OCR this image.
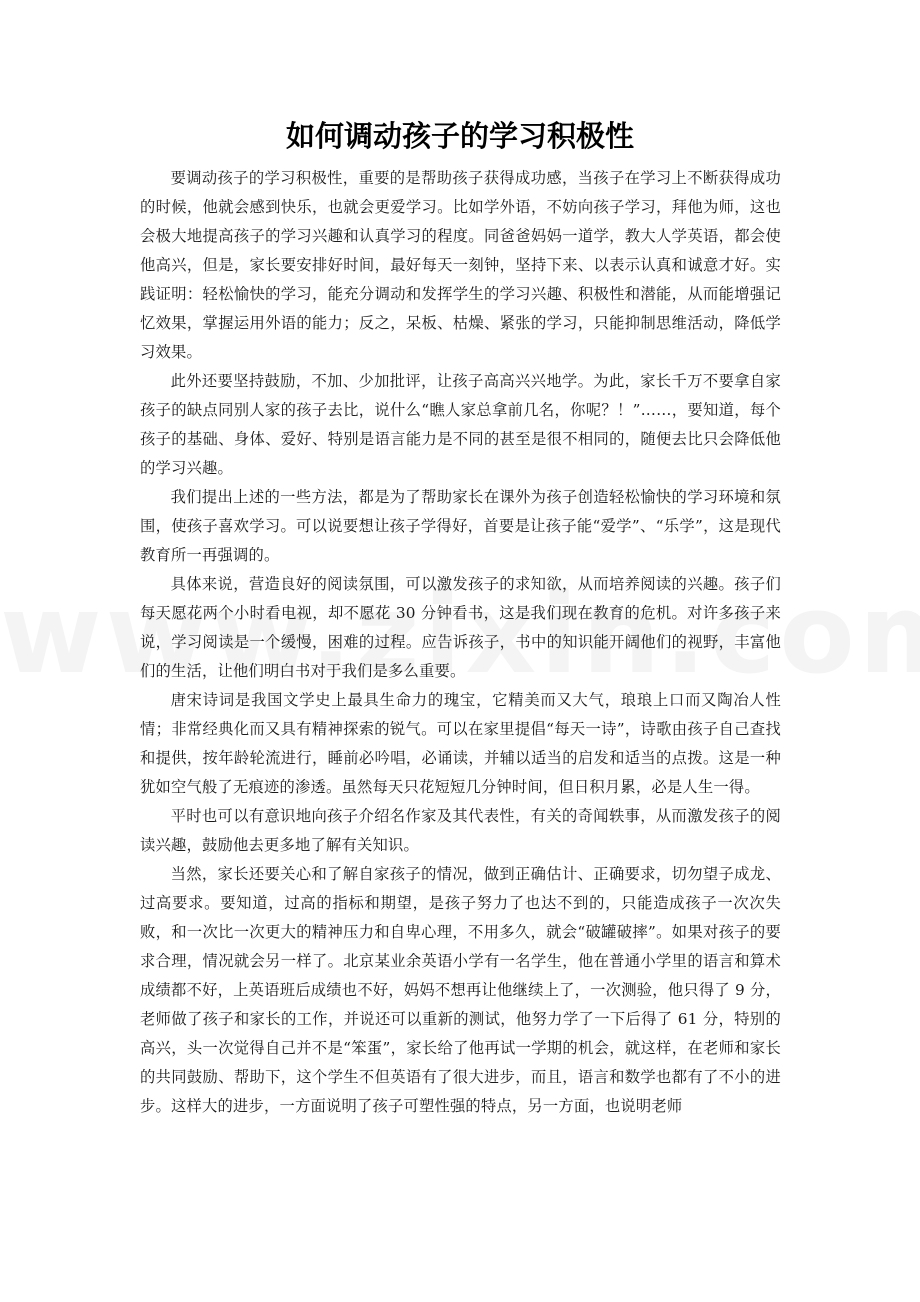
如何调动孩子的学习积极性

要调动孩子的学习积极性，重要的是帮助孩子获得成功感，当孩子在学习上不断获得成功的时候，他就会感到快乐，也就会更爱学习。比如学外语，不妨向孩子学习，拜他为师，这也会极大地提高孩子的学习兴趣和认真学习的程度。同爸爸妈妈一道学，教大人学英语，都会使他高兴，但是，家长要安排好时间，最好每天一刻钟，坚持下来、以表示认真和诚意才好。实践证明：轻松愉快的学习，能充分调动和发挥学生的学习兴趣、积极性和潜能，从而能增强记忆效果，掌握运用外语的能力；反之，呆板、枯燥、紧张的学习，只能抑制思维活动，降低学习效果。

此外还要坚持鼓励，不加、少加批评，让孩子高高兴兴地学。为此，家长千万不要拿自家孩子的缺点同别人家的孩子去比，说什么“瞧人家总拿前几名，你呢？！”……，要知道，每个孩子的基础、身体、爱好、特别是语言能力是不同的甚至是很不相同的，随便去比只会降低他的学习兴趣。

我们提出上述的一些方法，都是为了帮助家长在课外为孩子创造轻松愉快的学习环境和氛围，使孩子喜欢学习。可以说要想让孩子学得好，首要是让孩子能“爱学”、“乐学”，这是现代教育所一再强调的。

具体来说，营造良好的阅读氛围，可以激发孩子的求知欲，从而培养阅读的兴趣。孩子们每天愿花两个小时看电视，却不愿花 30 分钟看书，这是我们现在教育的危机。对许多孩子来说，学习阅读是一个缓慢，困难的过程。应告诉孩子，书中的知识能开阔他们的视野，丰富他们的生活，让他们明白书对于我们是多么重要。

唐宋诗词是我国文学史上最具生命力的瑰宝，它精美而又大气，琅琅上口而又陶冶人性情；非常经典化而又具有精神探索的锐气。可以在家里提倡“每天一诗”，诗歌由孩子自己查找和提供，按年龄轮流进行，睡前必吟唱，必诵读，并辅以适当的启发和适当的点拨。这是一种犹如空气般了无痕迹的渗透。虽然每天只花短短几分钟时间，但日积月累，必是人生一得。

平时也可以有意识地向孩子介绍名作家及其代表性，有关的奇闻轶事，从而激发孩子的阅读兴趣，鼓励他去更多地了解有关知识。

当然，家长还要关心和了解自家孩子的情况，做到正确估计、正确要求，切勿望子成龙、过高要求。要知道，过高的指标和期望，是孩子努力了也达不到的，只能造成孩子一次次失败，和一次比一次更大的精神压力和自卑心理，不用多久，就会“破罐破摔”。如果对孩子的要求合理，情况就会另一样了。北京某业余英语小学有一名学生，他在普通小学里的语言和算术成绩都不好，上英语班后成绩也不好，妈妈不想再让他继续上了，一次测验，他只得了 9 分，老师做了孩子和家长的工作，并说还可以重新的测试，他努力学了一下后得了 61 分，特别的高兴，头一次觉得自己并不是“笨蛋”，家长给了他再试一学期的机会，就这样，在老师和家长的共同鼓励、帮助下，这个学生不但英语有了很大进步，而且，语言和数学也都有了不小的进步。这样大的进步，一方面说明了孩子可塑性强的特点，另一方面，也说明老师
